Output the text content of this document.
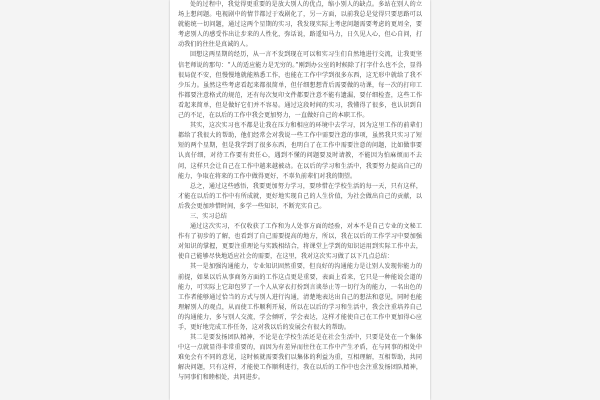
处的过程中，我觉得更重要的是放大别人的优点，缩小别人的缺点。多站在别人的立场上想问题。电视剧中的情节都过于戏剧化了，另一方面，以前我总是觉得只要思路可以就能统一切问题，通过这两个星期的实习，我发现实际上考虑问题需要考虑的更周全，要考虑别人的感受作出让步来的人性化，弥话说，路遥知马力，日久见人心，但心自问，打动我们的往往是真诚的人。

回想这两星期的经历，从一言不发到现在可以和实习生们自然地进行交流，让我更坚信老师说的那句：“人的适应能力是无穷的。”刚到办公室的时候除了打字什么也不会，显得很局促不安，但慢慢地就能熟悉工作，也能在工作中学到很多东西，这无形中就给了我不少压力。虽然这些考虑看起来都很简单，但仔细想想背后需要做的功课，每一次的打印工作都要注意格式的规范，还有每次复印文件都要注意不能有遗漏，要仔细检查，这些工作看起来简单，但是做好它们并不容易。通过这段时间的实习，我懂得了很多，也认识到自己的不足，在以后的工作中我会更加努力，一直做好自己的本职工作。

其实，这次实习也不都是让我在压力和相应的环境中去学习，因为这里工作的前辈们都给了我很大的帮助，他们经常会对我说一些工作中需要注意的事项，虽然我只实习了短短的两个星期，但是我学到了很多东西，也明白了在工作中需要注意的问题，比如做事要认真仔细，对待工作要有责任心，遇到不懂的问题要及时请教，不能因为怕麻烦而不去问，这样只会让自己在工作中越来越被动。在以后的学习和生活中，我要努力提高自己的能力，争取在将来的工作中做得更好，不辜负前辈们对我的期望。

总之，通过这些感悟，我要更加努力学习，要珍惜在学校生活的每一天，只有这样，才能在以后的工作中有所成就，更好地实现自己的人生价值，为社会做出自己的贡献，以后我会更加珍惜时间，多学一些知识，不断充实自己。

三、实习总结

通过这次实习，不仅收获了工作和为人处事方面的经验，对本不是自己专业的文秘工作有了初步的了解，也看到了自己需要提高的地方，所以，我在以后的工作学习中要加强对知识的掌握，更要注重理论与实践相结合，将课堂上学到的知识运用到实际工作中去，使自己能够尽快地适应社会的需要，在这里，我对这次实习做了以下几点总结：

其一是加强沟通能力，专业知识固然重要，但良好的沟通能力是让别人发现你能力的前提，如果以后从事商务方面的工作这点更是重要，表面上看来，它只是一种能说会道的能力，可实际上它却包罗了一个人从穿衣打扮到言谈举止等一切行为的能力，一名出色的工作者能够通过恰当的方式与别人进行沟通，清楚地表达出自己的想法和意见，同时也能理解别人的观点，从而使工作顺利开展，所以在以后的学习和生活中，我会注重培养自己的沟通能力，多与别人交流，学会倾听，学会表达，这样才能使自己在工作中更加得心应手，更好地完成工作任务，这对我以后的发展会有很大的帮助。

其二是要发扬团队精神，不论是在学校生活还是在社会生活中，只要是处在一个集体中这一点就显得非常重要的，而因为有差异而往往在工作中产生矛盾，在与同事的相处中难免会有不同的意见，这时候就需要我们以集体的利益为重，互相理解，互相帮助，共同解决问题，只有这样，才能使工作顺利进行，我在以后的工作中也会注重发扬团队精神，与同事们和睦相处，共同进步。
